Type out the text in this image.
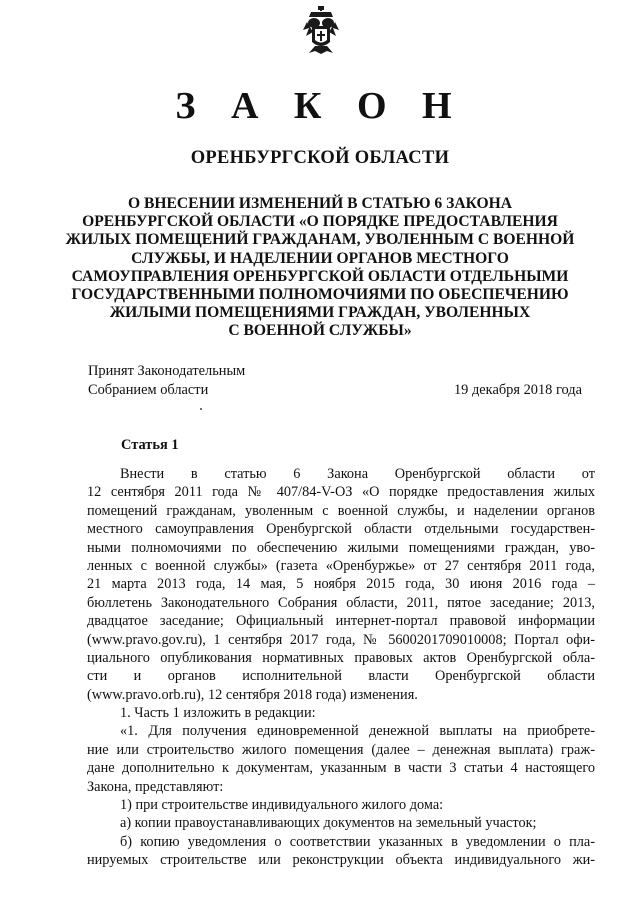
З А К О Н
ОРЕНБУРГСКОЙ ОБЛАСТИ
О ВНЕСЕНИИ ИЗМЕНЕНИЙ В СТАТЬЮ 6 ЗАКОНА
ОРЕНБУРГСКОЙ ОБЛАСТИ «О ПОРЯДКЕ ПРЕДОСТАВЛЕНИЯ
ЖИЛЫХ ПОМЕЩЕНИЙ ГРАЖДАНАМ, УВОЛЕННЫМ С ВОЕННОЙ
СЛУЖБЫ, И НАДЕЛЕНИИ ОРГАНОВ МЕСТНОГО
САМОУПРАВЛЕНИЯ ОРЕНБУРГСКОЙ ОБЛАСТИ ОТДЕЛЬНЫМИ
ГОСУДАРСТВЕННЫМИ ПОЛНОМОЧИЯМИ ПО ОБЕСПЕЧЕНИЮ
ЖИЛЫМИ ПОМЕЩЕНИЯМИ ГРАЖДАН, УВОЛЕННЫХ
С ВОЕННОЙ СЛУЖБЫ»
Принят Законодательным
Собранием области	19 декабря 2018 года
Статья 1
Внести в статью 6 Закона Оренбургской области от
12 сентября 2011 года № 407/84-V-ОЗ «О порядке предоставления жилых
помещений гражданам, уволенным с военной службы, и наделении органов
местного самоуправления Оренбургской области отдельными государствен-
ными полномочиями по обеспечению жилыми помещениями граждан, уво-
ленных с военной службы» (газета «Оренбуржье» от 27 сентября 2011 года,
21 марта 2013 года, 14 мая, 5 ноября 2015 года, 30 июня 2016 года –
бюллетень Законодательного Собрания области, 2011, пятое заседание; 2013,
двадцатое заседание; Официальный интернет-портал правовой информации
(www.pravo.gov.ru), 1 сентября 2017 года, № 5600201709010008; Портал офи-
циального опубликования нормативных правовых актов Оренбургской обла-
сти и органов исполнительной власти Оренбургской области
(www.pravo.orb.ru), 12 сентября 2018 года) изменения.
1. Часть 1 изложить в редакции:
«1. Для получения единовременной денежной выплаты на приобрете-
ние или строительство жилого помещения (далее – денежная выплата) граж-
дане дополнительно к документам, указанным в части 3 статьи 4 настоящего
Закона, представляют:
1) при строительстве индивидуального жилого дома:
а) копии правоустанавливающих документов на земельный участок;
б) копию уведомления о соответствии указанных в уведомлении о пла-
нируемых строительстве или реконструкции объекта индивидуального жи-
